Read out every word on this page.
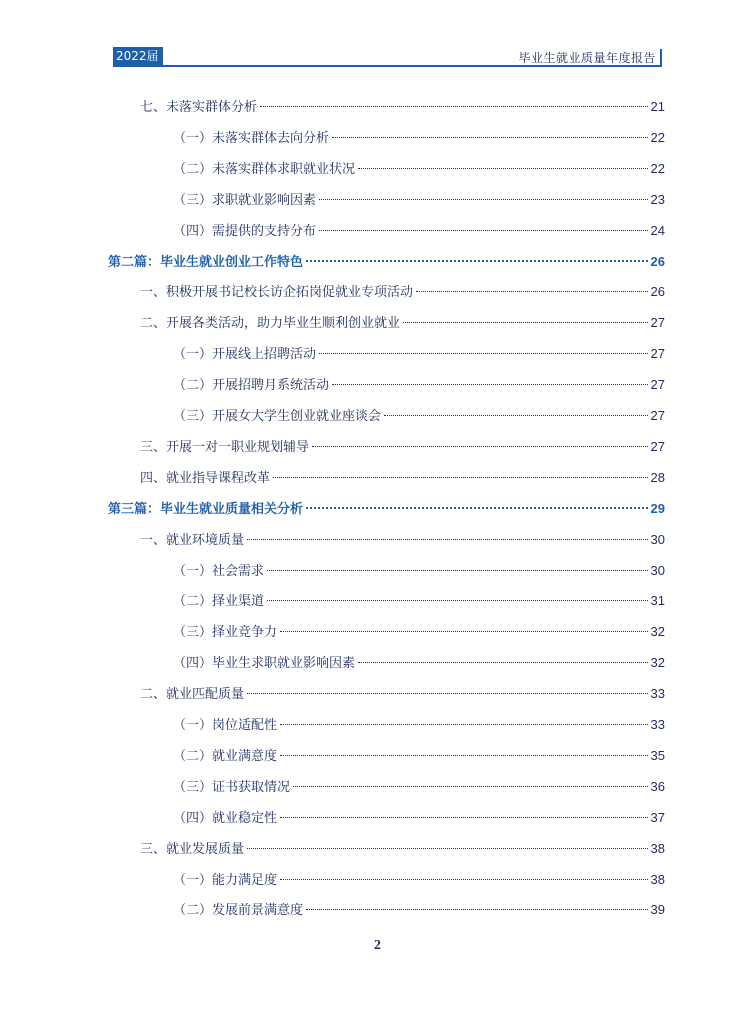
2022届	毕业生就业质量年度报告
七、未落实群体分析	21
（一）未落实群体去向分析	22
（二）未落实群体求职就业状况	22
（三）求职就业影响因素	23
（四）需提供的支持分布	24
第二篇：毕业生就业创业工作特色	26
一、积极开展书记校长访企拓岗促就业专项活动	26
二、开展各类活动，助力毕业生顺利创业就业	27
（一）开展线上招聘活动	27
（二）开展招聘月系统活动	27
（三）开展女大学生创业就业座谈会	27
三、开展一对一职业规划辅导	27
四、就业指导课程改革	28
第三篇：毕业生就业质量相关分析	29
一、就业环境质量	30
（一）社会需求	30
（二）择业渠道	31
（三）择业竞争力	32
（四）毕业生求职就业影响因素	32
二、就业匹配质量	33
（一）岗位适配性	33
（二）就业满意度	35
（三）证书获取情况	36
（四）就业稳定性	37
三、就业发展质量	38
（一）能力满足度	38
（二）发展前景满意度	39
2
